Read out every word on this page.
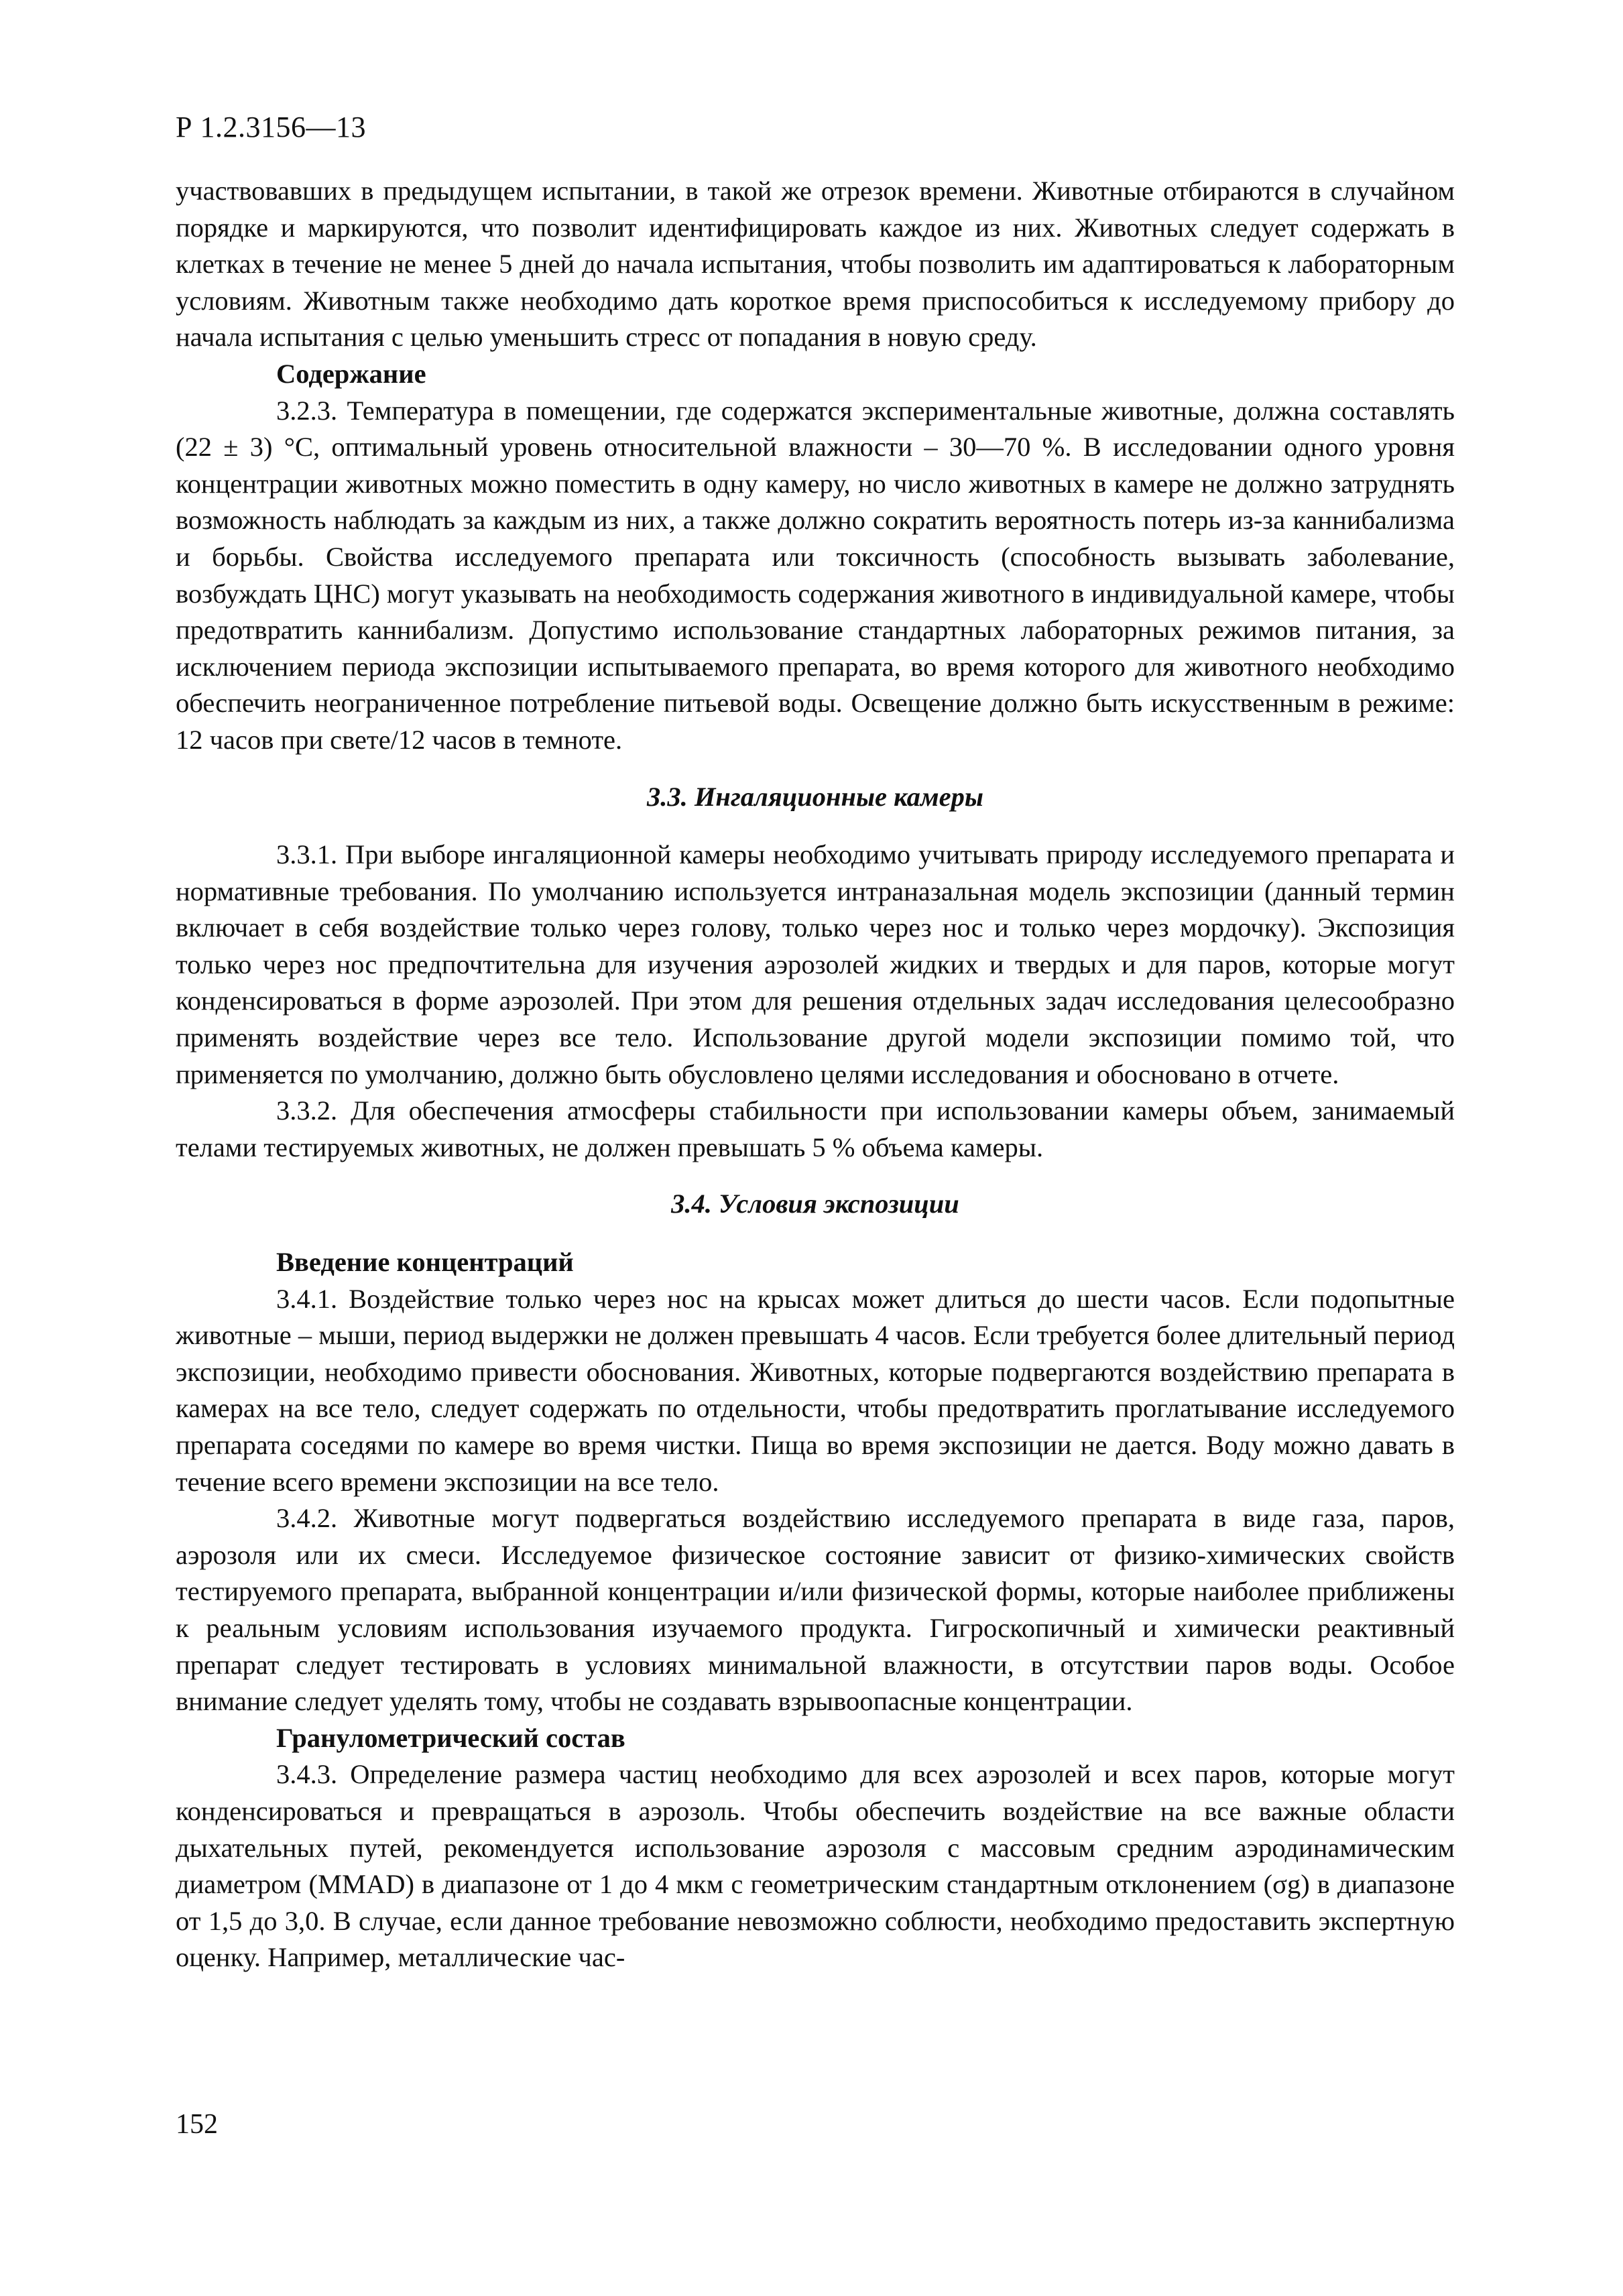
Р 1.2.3156—13

участвовавших в предыдущем испытании, в такой же отрезок времени. Животные отбираются в случайном порядке и маркируются, что позволит идентифицировать каждое из них. Животных следует содержать в клетках в течение не менее 5 дней до начала испытания, чтобы позволить им адаптироваться к лабораторным условиям. Животным также необходимо дать короткое время приспособиться к исследуемому прибору до начала испытания с целью уменьшить стресс от попадания в новую среду.

Содержание

3.2.3. Температура в помещении, где содержатся экспериментальные животные, должна составлять (22 ± 3) °С, оптимальный уровень относительной влажности – 30—70 %. В исследовании одного уровня концентрации животных можно поместить в одну камеру, но число животных в камере не должно затруднять возможность наблюдать за каждым из них, а также должно сократить вероятность потерь из-за каннибализма и борьбы. Свойства исследуемого препарата или токсичность (способность вызывать заболевание, возбуждать ЦНС) могут указывать на необходимость содержания животного в индивидуальной камере, чтобы предотвратить каннибализм. Допустимо использование стандартных лабораторных режимов питания, за исключением периода экспозиции испытываемого препарата, во время которого для животного необходимо обеспечить неограниченное потребление питьевой воды. Освещение должно быть искусственным в режиме: 12 часов при свете/12 часов в темноте.

3.3. Ингаляционные камеры

3.3.1. При выборе ингаляционной камеры необходимо учитывать природу исследуемого препарата и нормативные требования. По умолчанию используется интраназальная модель экспозиции (данный термин включает в себя воздействие только через голову, только через нос и только через мордочку). Экспозиция только через нос предпочтительна для изучения аэрозолей жидких и твердых и для паров, которые могут конденсироваться в форме аэрозолей. При этом для решения отдельных задач исследования целесообразно применять воздействие через все тело. Использование другой модели экспозиции помимо той, что применяется по умолчанию, должно быть обусловлено целями исследования и обосновано в отчете.

3.3.2. Для обеспечения атмосферы стабильности при использовании камеры объем, занимаемый телами тестируемых животных, не должен превышать 5 % объема камеры.

3.4. Условия экспозиции
Введение концентраций

3.4.1. Воздействие только через нос на крысах может длиться до шести часов. Если подопытные животные – мыши, период выдержки не должен превышать 4 часов. Если требуется более длительный период экспозиции, необходимо привести обоснования. Животных, которые подвергаются воздействию препарата в камерах на все тело, следует содержать по отдельности, чтобы предотвратить проглатывание исследуемого препарата соседями по камере во время чистки. Пища во время экспозиции не дается. Воду можно давать в течение всего времени экспозиции на все тело.

3.4.2. Животные могут подвергаться воздействию исследуемого препарата в виде газа, паров, аэрозоля или их смеси. Исследуемое физическое состояние зависит от физико-химических свойств тестируемого препарата, выбранной концентрации и/или физической формы, которые наиболее приближены к реальным условиям использования изучаемого продукта. Гигроскопичный и химически реактивный препарат следует тестировать в условиях минимальной влажности, в отсутствии паров воды. Особое внимание следует уделять тому, чтобы не создавать взрывоопасные концентрации.

Гранулометрический состав

3.4.3. Определение размера частиц необходимо для всех аэрозолей и всех паров, которые могут конденсироваться и превращаться в аэрозоль. Чтобы обеспечить воздействие на все важные области дыхательных путей, рекомендуется использование аэрозоля с массовым средним аэродинамическим диаметром (ММАD) в диапазоне от 1 до 4 мкм с геометрическим стандартным отклонением (σg) в диапазоне от 1,5 до 3,0. В случае, если данное требование невозможно соблюсти, необходимо предоставить экспертную оценку. Например, металлические час-

152
